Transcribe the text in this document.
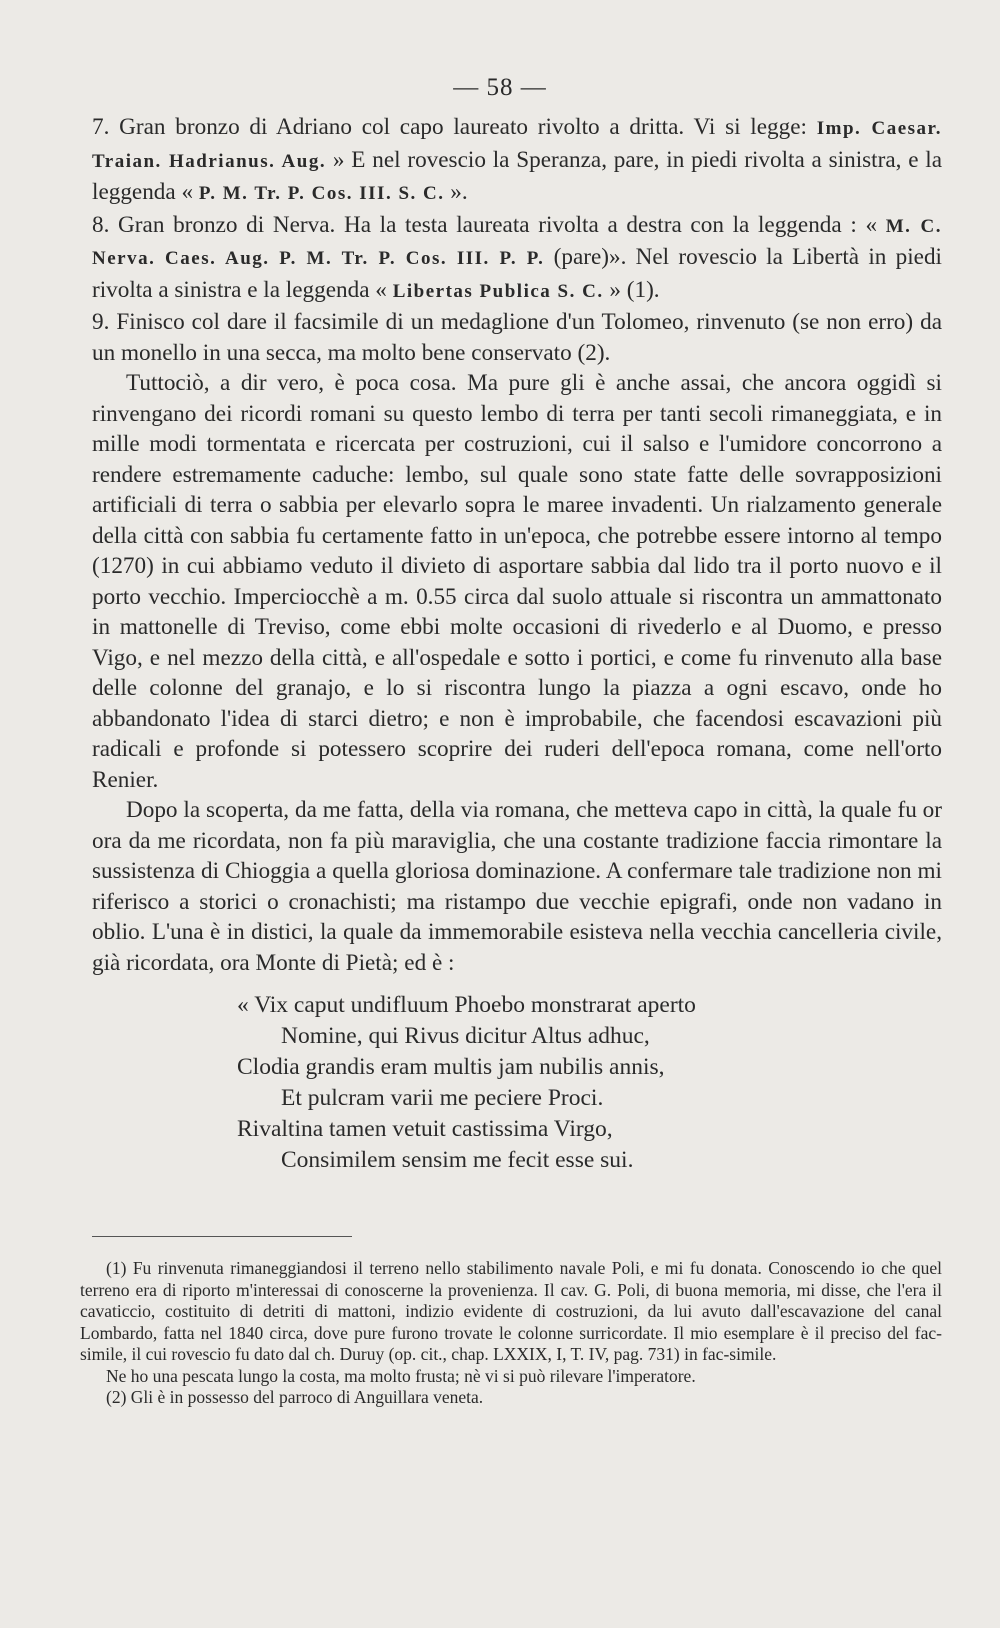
— 58 —

7. Gran bronzo di Adriano col capo laureato rivolto a dritta. Vi si legge: Imp. Caesar. Traian. Hadrianus. Aug. » E nel rovescio la Speranza, pare, in piedi rivolta a sinistra, e la leggenda « P. M. Tr. P. Cos. III. S. C. ».

8. Gran bronzo di Nerva. Ha la testa laureata rivolta a destra con la leggenda : « M. C. Nerva. Caes. Aug. P. M. Tr. P. Cos. III. P. P. (pare)». Nel rovescio la Libertà in piedi rivolta a sinistra e la leggenda « Libertas Publica S. C. » (1).

9. Finisco col dare il facsimile di un medaglione d'un Tolomeo, rinvenuto (se non erro) da un monello in una secca, ma molto bene conservato (2).

Tuttociò, a dir vero, è poca cosa. Ma pure gli è anche assai, che ancora oggidì si rinvengano dei ricordi romani su questo lembo di terra per tanti secoli rimaneggiata, e in mille modi tormentata e ricercata per costruzioni, cui il salso e l'umidore concorrono a rendere estremamente caduche: lembo, sul quale sono state fatte delle sovrapposizioni artificiali di terra o sabbia per elevarlo sopra le maree invadenti. Un rialzamento generale della città con sabbia fu certamente fatto in un'epoca, che potrebbe essere intorno al tempo (1270) in cui abbiamo veduto il divieto di asportare sabbia dal lido tra il porto nuovo e il porto vecchio. Imperciocchè a m. 0.55 circa dal suolo attuale si riscontra un ammattonato in mattonelle di Treviso, come ebbi molte occasioni di rivederlo e al Duomo, e presso Vigo, e nel mezzo della città, e all'ospedale e sotto i portici, e come fu rinvenuto alla base delle colonne del granajo, e lo si riscontra lungo la piazza a ogni escavo, onde ho abbandonato l'idea di starci dietro; e non è improbabile, che facendosi escavazioni più radicali e profonde si potessero scoprire dei ruderi dell'epoca romana, come nell'orto Renier.

Dopo la scoperta, da me fatta, della via romana, che metteva capo in città, la quale fu or ora da me ricordata, non fa più maraviglia, che una costante tradizione faccia rimontare la sussistenza di Chioggia a quella gloriosa dominazione. A confermare tale tradizione non mi riferisco a storici o cronachisti; ma ristampo due vecchie epigrafi, onde non vadano in oblio. L'una è in distici, la quale da immemorabile esisteva nella vecchia cancelleria civile, già ricordata, ora Monte di Pietà; ed è :

« Vix caput undifluum Phoebo monstrarat aperto
Nomine, qui Rivus dicitur Altus adhuc,
Clodia grandis eram multis jam nubilis annis,
Et pulcram varii me peciere Proci.
Rivaltina tamen vetuit castissima Virgo,
Consimilem sensim me fecit esse sui.

(1) Fu rinvenuta rimaneggiandosi il terreno nello stabilimento navale Poli, e mi fu donata. Conoscendo io che quel terreno era di riporto m'interessai di conoscerne la provenienza. Il cav. G. Poli, di buona memoria, mi disse, che l'era il cavaticcio, costituito di detriti di mattoni, indizio evidente di costruzioni, da lui avuto dall'escavazione del canal Lombardo, fatta nel 1840 circa, dove pure furono trovate le colonne surricordate. Il mio esemplare è il preciso del fac-simile, il cui rovescio fu dato dal ch. Duruy (op. cit., chap. LXXIX, I, T. IV, pag. 731) in fac-simile.

Ne ho una pescata lungo la costa, ma molto frusta; nè vi si può rilevare l'imperatore.

(2) Gli è in possesso del parroco di Anguillara veneta.
